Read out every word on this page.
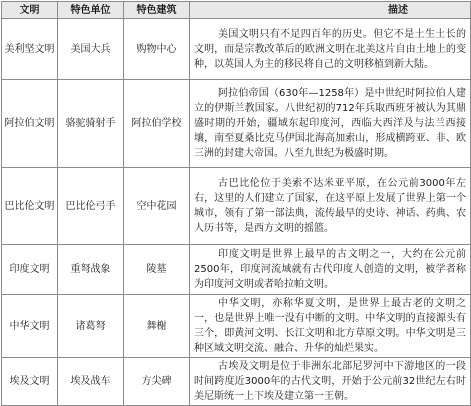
文明	特色单位	特色建筑	描述
美利坚文明	美国大兵	购物中心	美国文明只有不足四百年的历史。但它不是土生土长的文明，而是宗教改革后的欧洲文明在北美这片自由土地上的变种，以英国人为主的移民将自己的文明移植到新大陆。
阿拉伯文明	骆驼骑射手	阿拉伯学校	阿拉伯帝国（630年—1258年）是中世纪时阿拉伯人建立的伊斯兰教国家。八世纪初的712年兵取西班牙被认为其鼎盛时期的开始，疆域东起印度河，西临大西洋及与法兰西接壤，南至夏桑比克马伊国北海高加索山，形成横跨亚、非、欧三洲的封建大帝国。八至九世纪为极盛时期。
巴比伦文明	巴比伦弓手	空中花园	古巴比伦位于美索不达米亚平原，在公元前3000年左右，这里的人们建立了国家，在这平原上发展了世界上第一个城市，领有了第一部法典，流传最早的史诗、神话、药典、农人历书等，是西方文明的摇篮。
印度文明	重弩战象	陵墓	印度文明是世界上最早的古文明之一，大约在公元前2500年，印度河流域就有古代印度人创造的文明，被学者称为印度河文明或者哈拉帕文明。
中华文明	诸葛弩	舞榭	中华文明，亦称华夏文明，是世界上最古老的文明之一，也是世界上唯一没有中断的文明。中华文明的直接源头有三个，即黄河文明、长江文明和北方草原文明。中华文明是三种区域文明交流、融合、升华的灿烂果实。
埃及文明	埃及战车	方尖碑	古埃及文明是位于非洲东北部尼罗河中下游地区的一段时间跨度近3000年的古代文明，开始于公元前32世纪左右时美尼斯统一上下埃及建立第一王朝。
